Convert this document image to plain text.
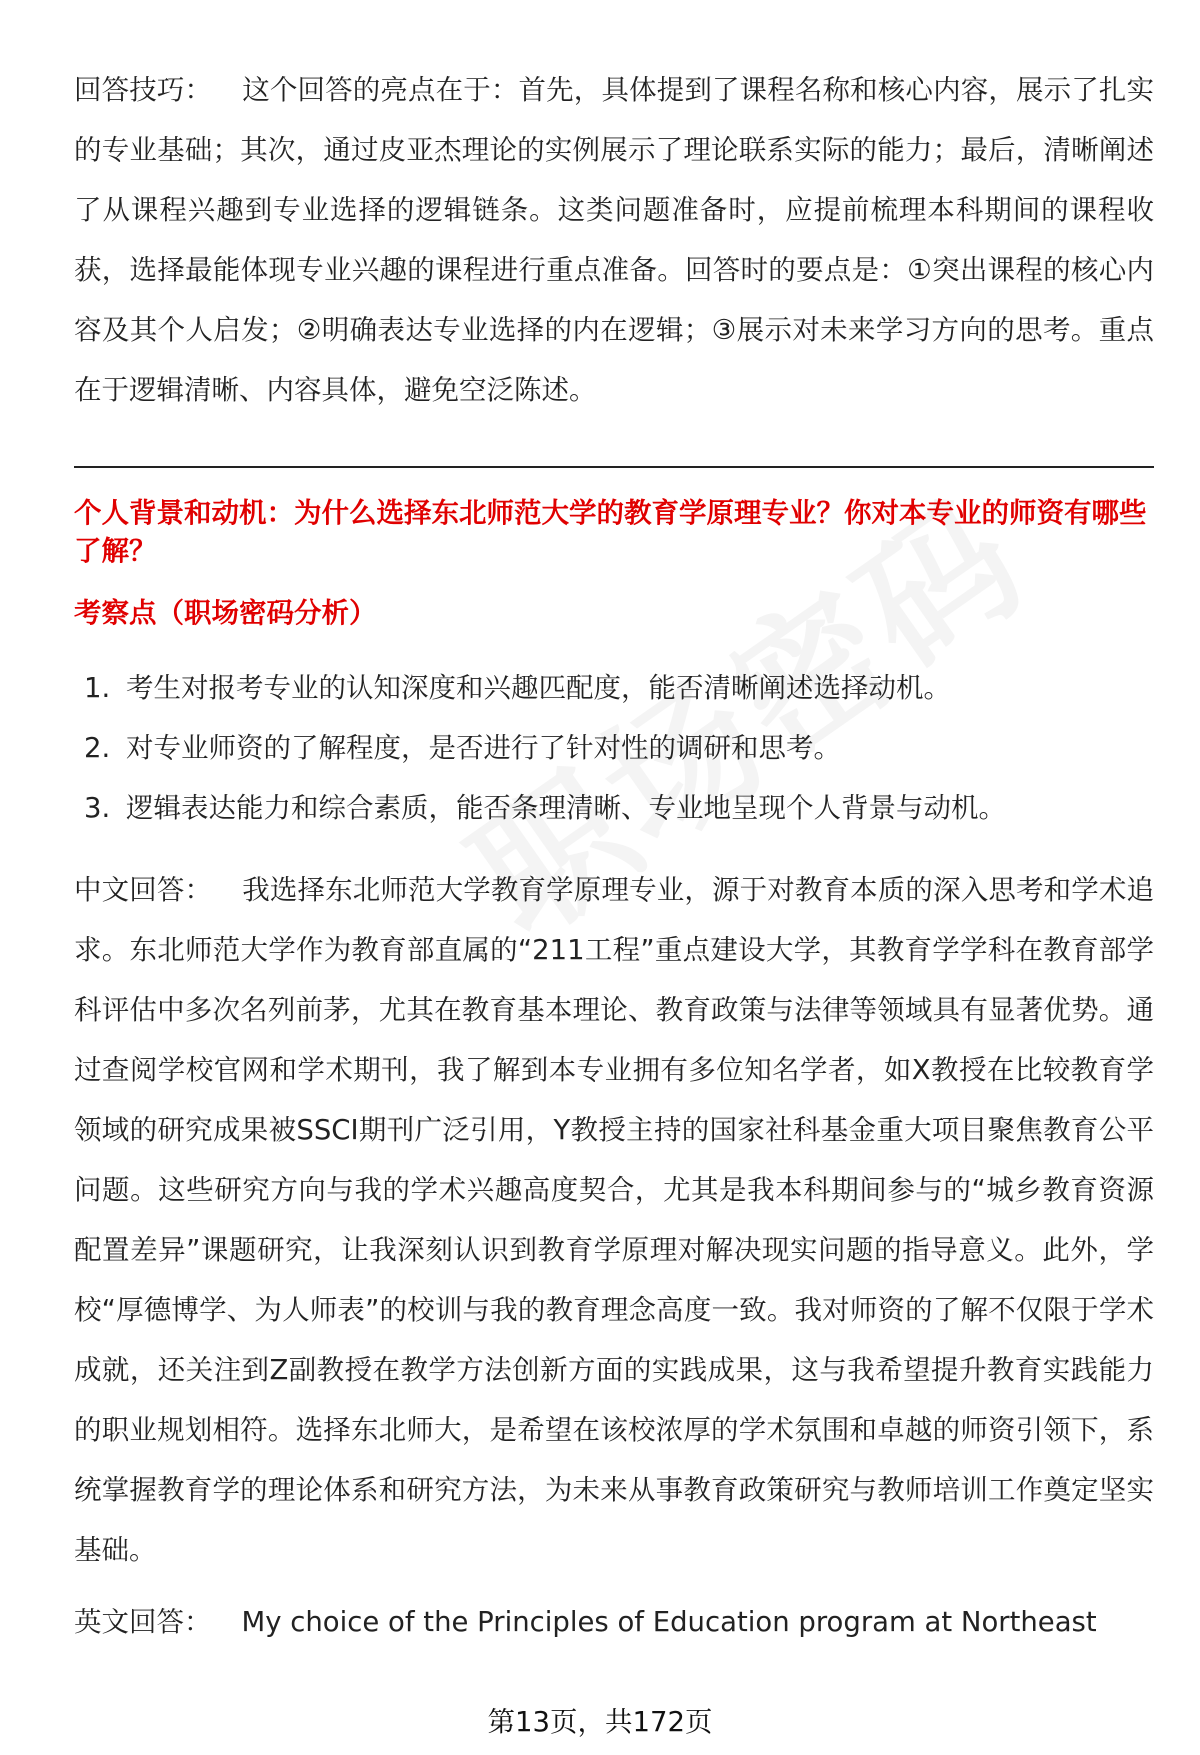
回答技巧： 这个回答的亮点在于：首先，具体提到了课程名称和核心内容，展示了扎实的专业基础；其次，通过皮亚杰理论的实例展示了理论联系实际的能力；最后，清晰阐述了从课程兴趣到专业选择的逻辑链条。这类问题准备时，应提前梳理本科期间的课程收获，选择最能体现专业兴趣的课程进行重点准备。回答时的要点是：①突出课程的核心内容及其个人启发；②明确表达专业选择的内在逻辑；③展示对未来学习方向的思考。重点在于逻辑清晰、内容具体，避免空泛陈述。

个人背景和动机：为什么选择东北师范大学的教育学原理专业？你对本专业的师资有哪些了解？

考察点（职场密码分析）

1. 考生对报考专业的认知深度和兴趣匹配度，能否清晰阐述选择动机。
2. 对专业师资的了解程度，是否进行了针对性的调研和思考。
3. 逻辑表达能力和综合素质，能否条理清晰、专业地呈现个人背景与动机。

中文回答： 我选择东北师范大学教育学原理专业，源于对教育本质的深入思考和学术追求。东北师范大学作为教育部直属的“211工程”重点建设大学，其教育学学科在教育部学科评估中多次名列前茅，尤其在教育基本理论、教育政策与法律等领域具有显著优势。通过查阅学校官网和学术期刊，我了解到本专业拥有多位知名学者，如X教授在比较教育学领域的研究成果被SSCI期刊广泛引用，Y教授主持的国家社科基金重大项目聚焦教育公平问题。这些研究方向与我的学术兴趣高度契合，尤其是我本科期间参与的“城乡教育资源配置差异”课题研究，让我深刻认识到教育学原理对解决现实问题的指导意义。此外，学校“厚德博学、为人师表”的校训与我的教育理念高度一致。我对师资的了解不仅限于学术成就，还关注到Z副教授在教学方法创新方面的实践成果，这与我希望提升教育实践能力的职业规划相符。选择东北师大，是希望在该校浓厚的学术氛围和卓越的师资引领下，系统掌握教育学的理论体系和研究方法，为未来从事教育政策研究与教师培训工作奠定坚实基础。

英文回答： My choice of the Principles of Education program at Northeast

第13页，共172页
